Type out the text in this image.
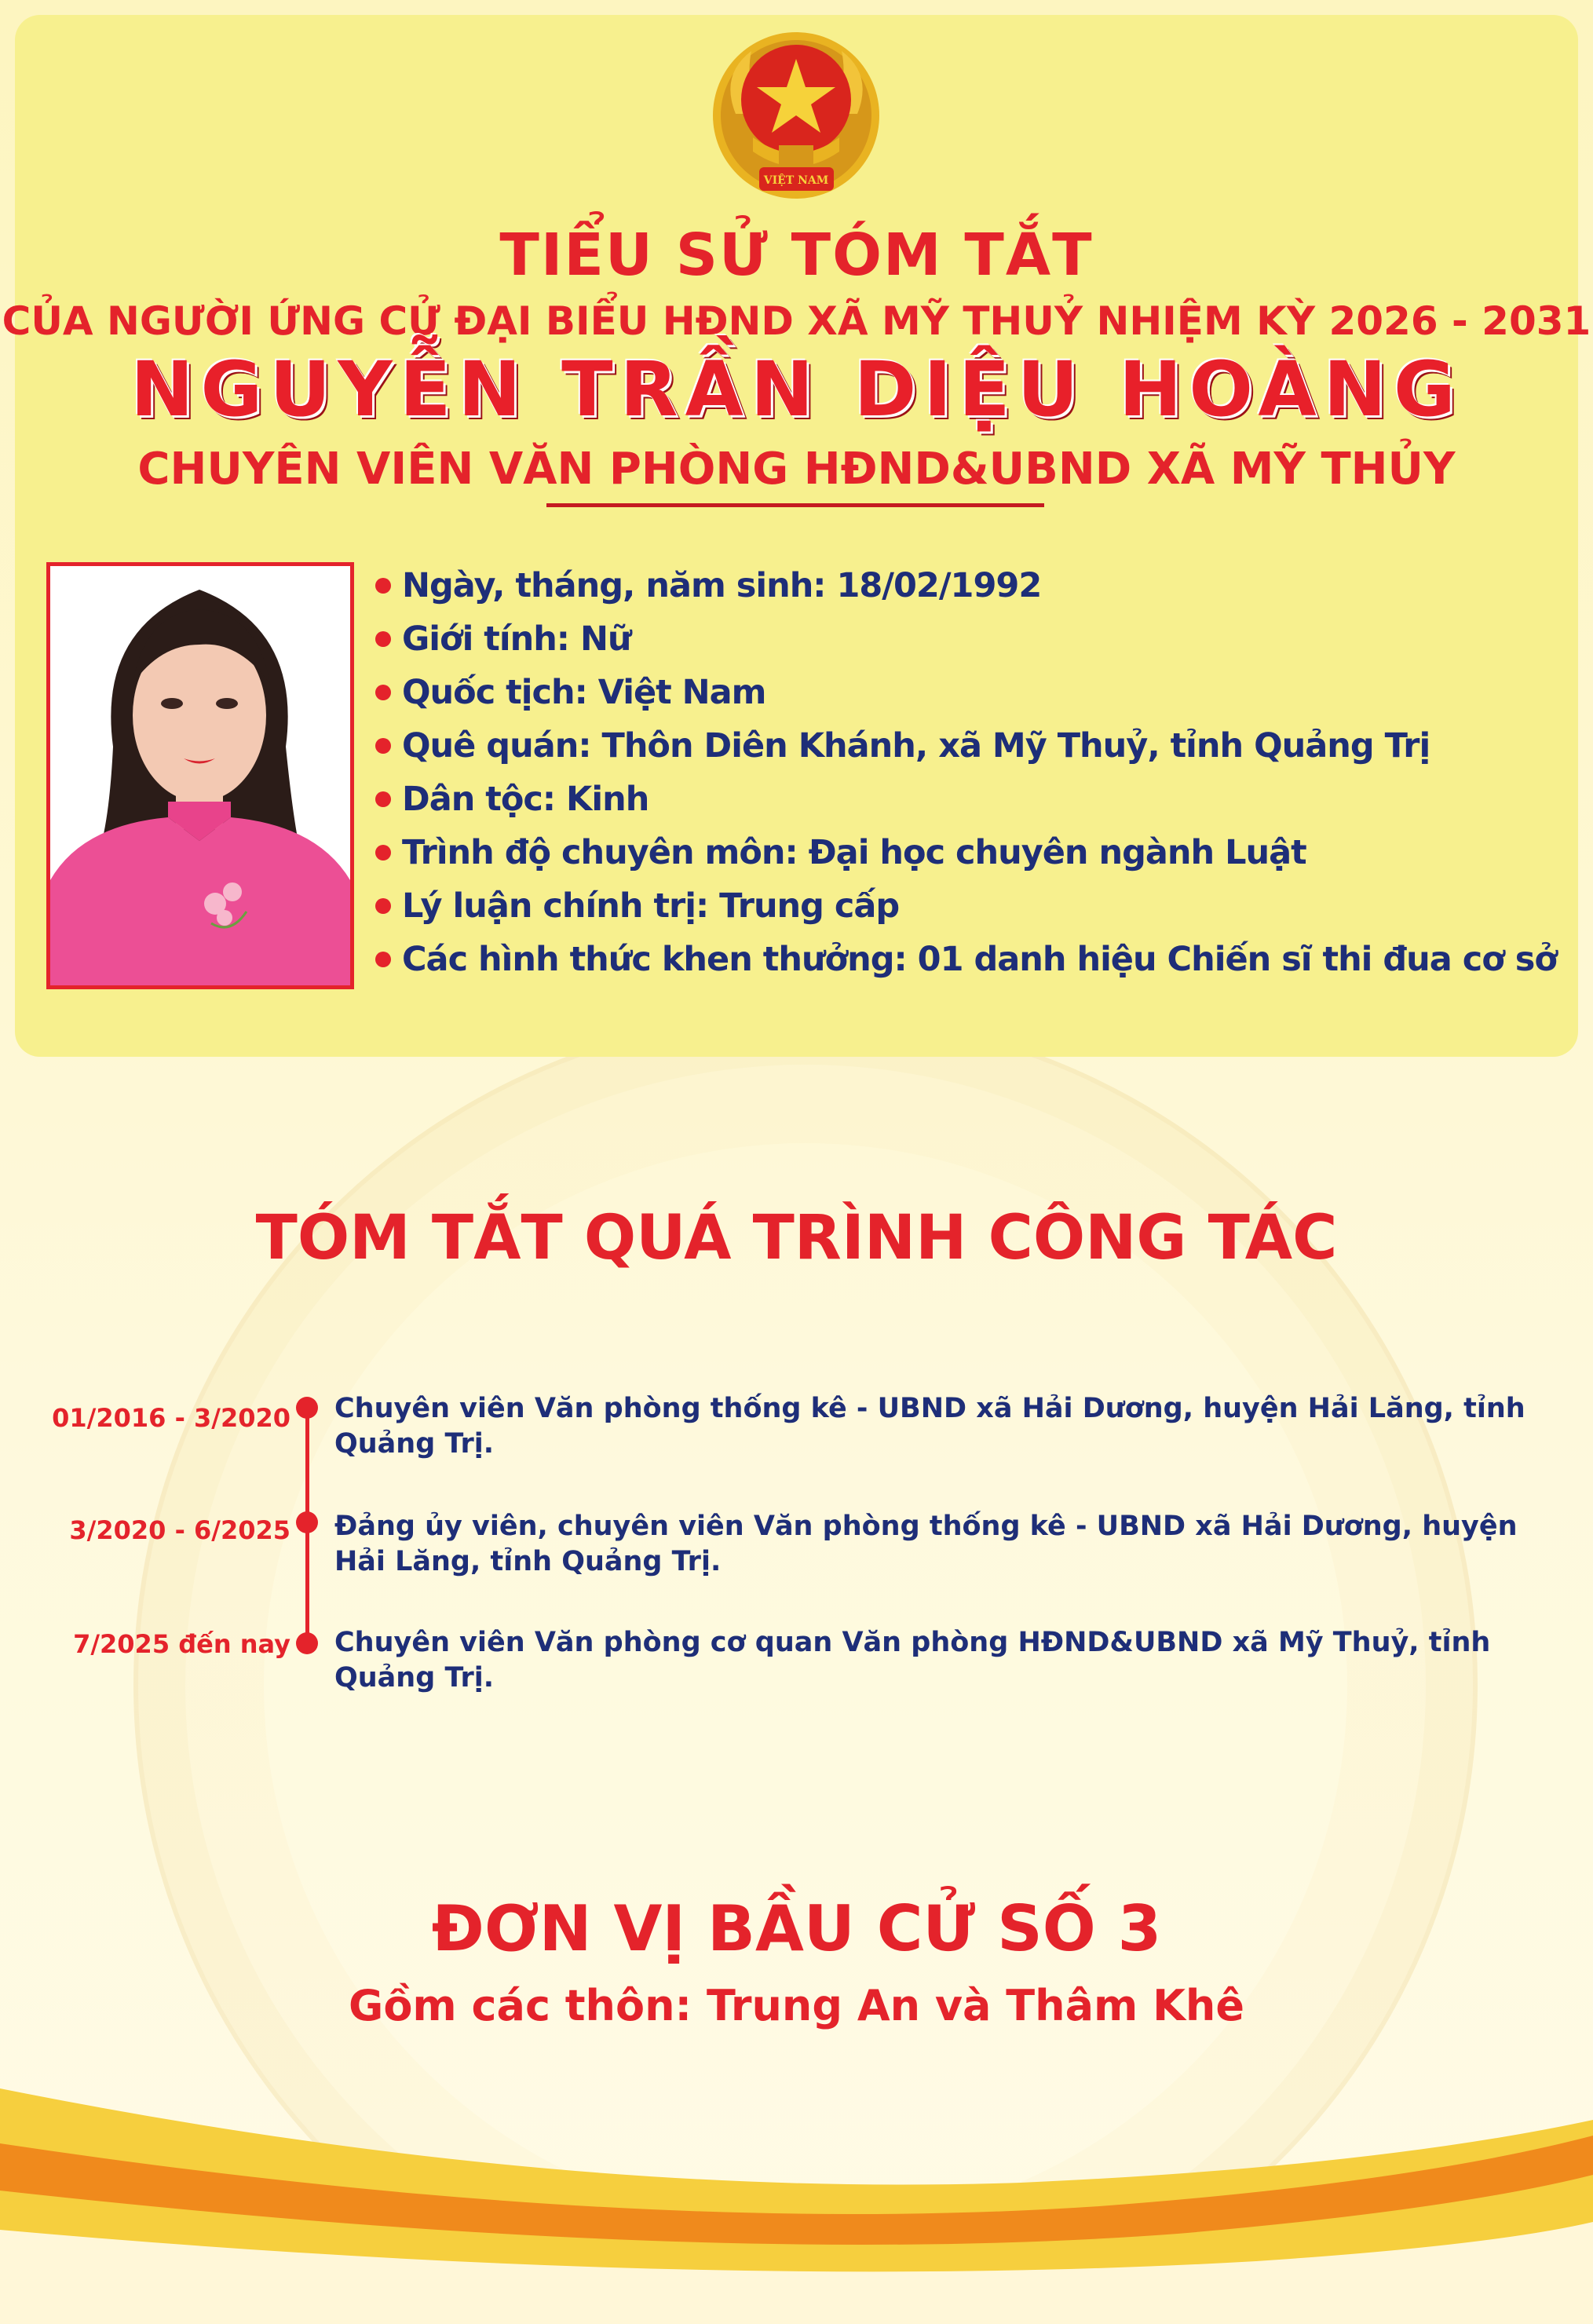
VIỆT NAM
TIỂU SỬ TÓM TẮT
CỦA NGƯỜI ỨNG CỬ ĐẠI BIỂU HĐND XÃ MỸ THUỶ NHIỆM KỲ 2026 - 2031
NGUYỄN TRẦN DIỆU HOÀNG
CHUYÊN VIÊN VĂN PHÒNG HĐND&UBND XÃ MỸ THỦY
Ngày, tháng, năm sinh: 18/02/1992
Giới tính: Nữ
Quốc tịch: Việt Nam
Quê quán: Thôn Diên Khánh, xã Mỹ Thuỷ, tỉnh Quảng Trị
Dân tộc: Kinh
Trình độ chuyên môn: Đại học chuyên ngành Luật
Lý luận chính trị: Trung cấp
Các hình thức khen thưởng: 01 danh hiệu Chiến sĩ thi đua cơ sở
TÓM TẮT QUÁ TRÌNH CÔNG TÁC
01/2016 - 3/2020 Chuyên viên Văn phòng thống kê - UBND xã Hải Dương, huyện Hải Lăng, tỉnh Quảng Trị.
3/2020 - 6/2025 Đảng ủy viên, chuyên viên Văn phòng thống kê - UBND xã Hải Dương, huyện Hải Lăng, tỉnh Quảng Trị.
7/2025 đến nay Chuyên viên Văn phòng cơ quan Văn phòng HĐND&UBND xã Mỹ Thuỷ, tỉnh Quảng Trị.
ĐƠN VỊ BẦU CỬ SỐ 3
Gồm các thôn: Trung An và Thâm Khê
